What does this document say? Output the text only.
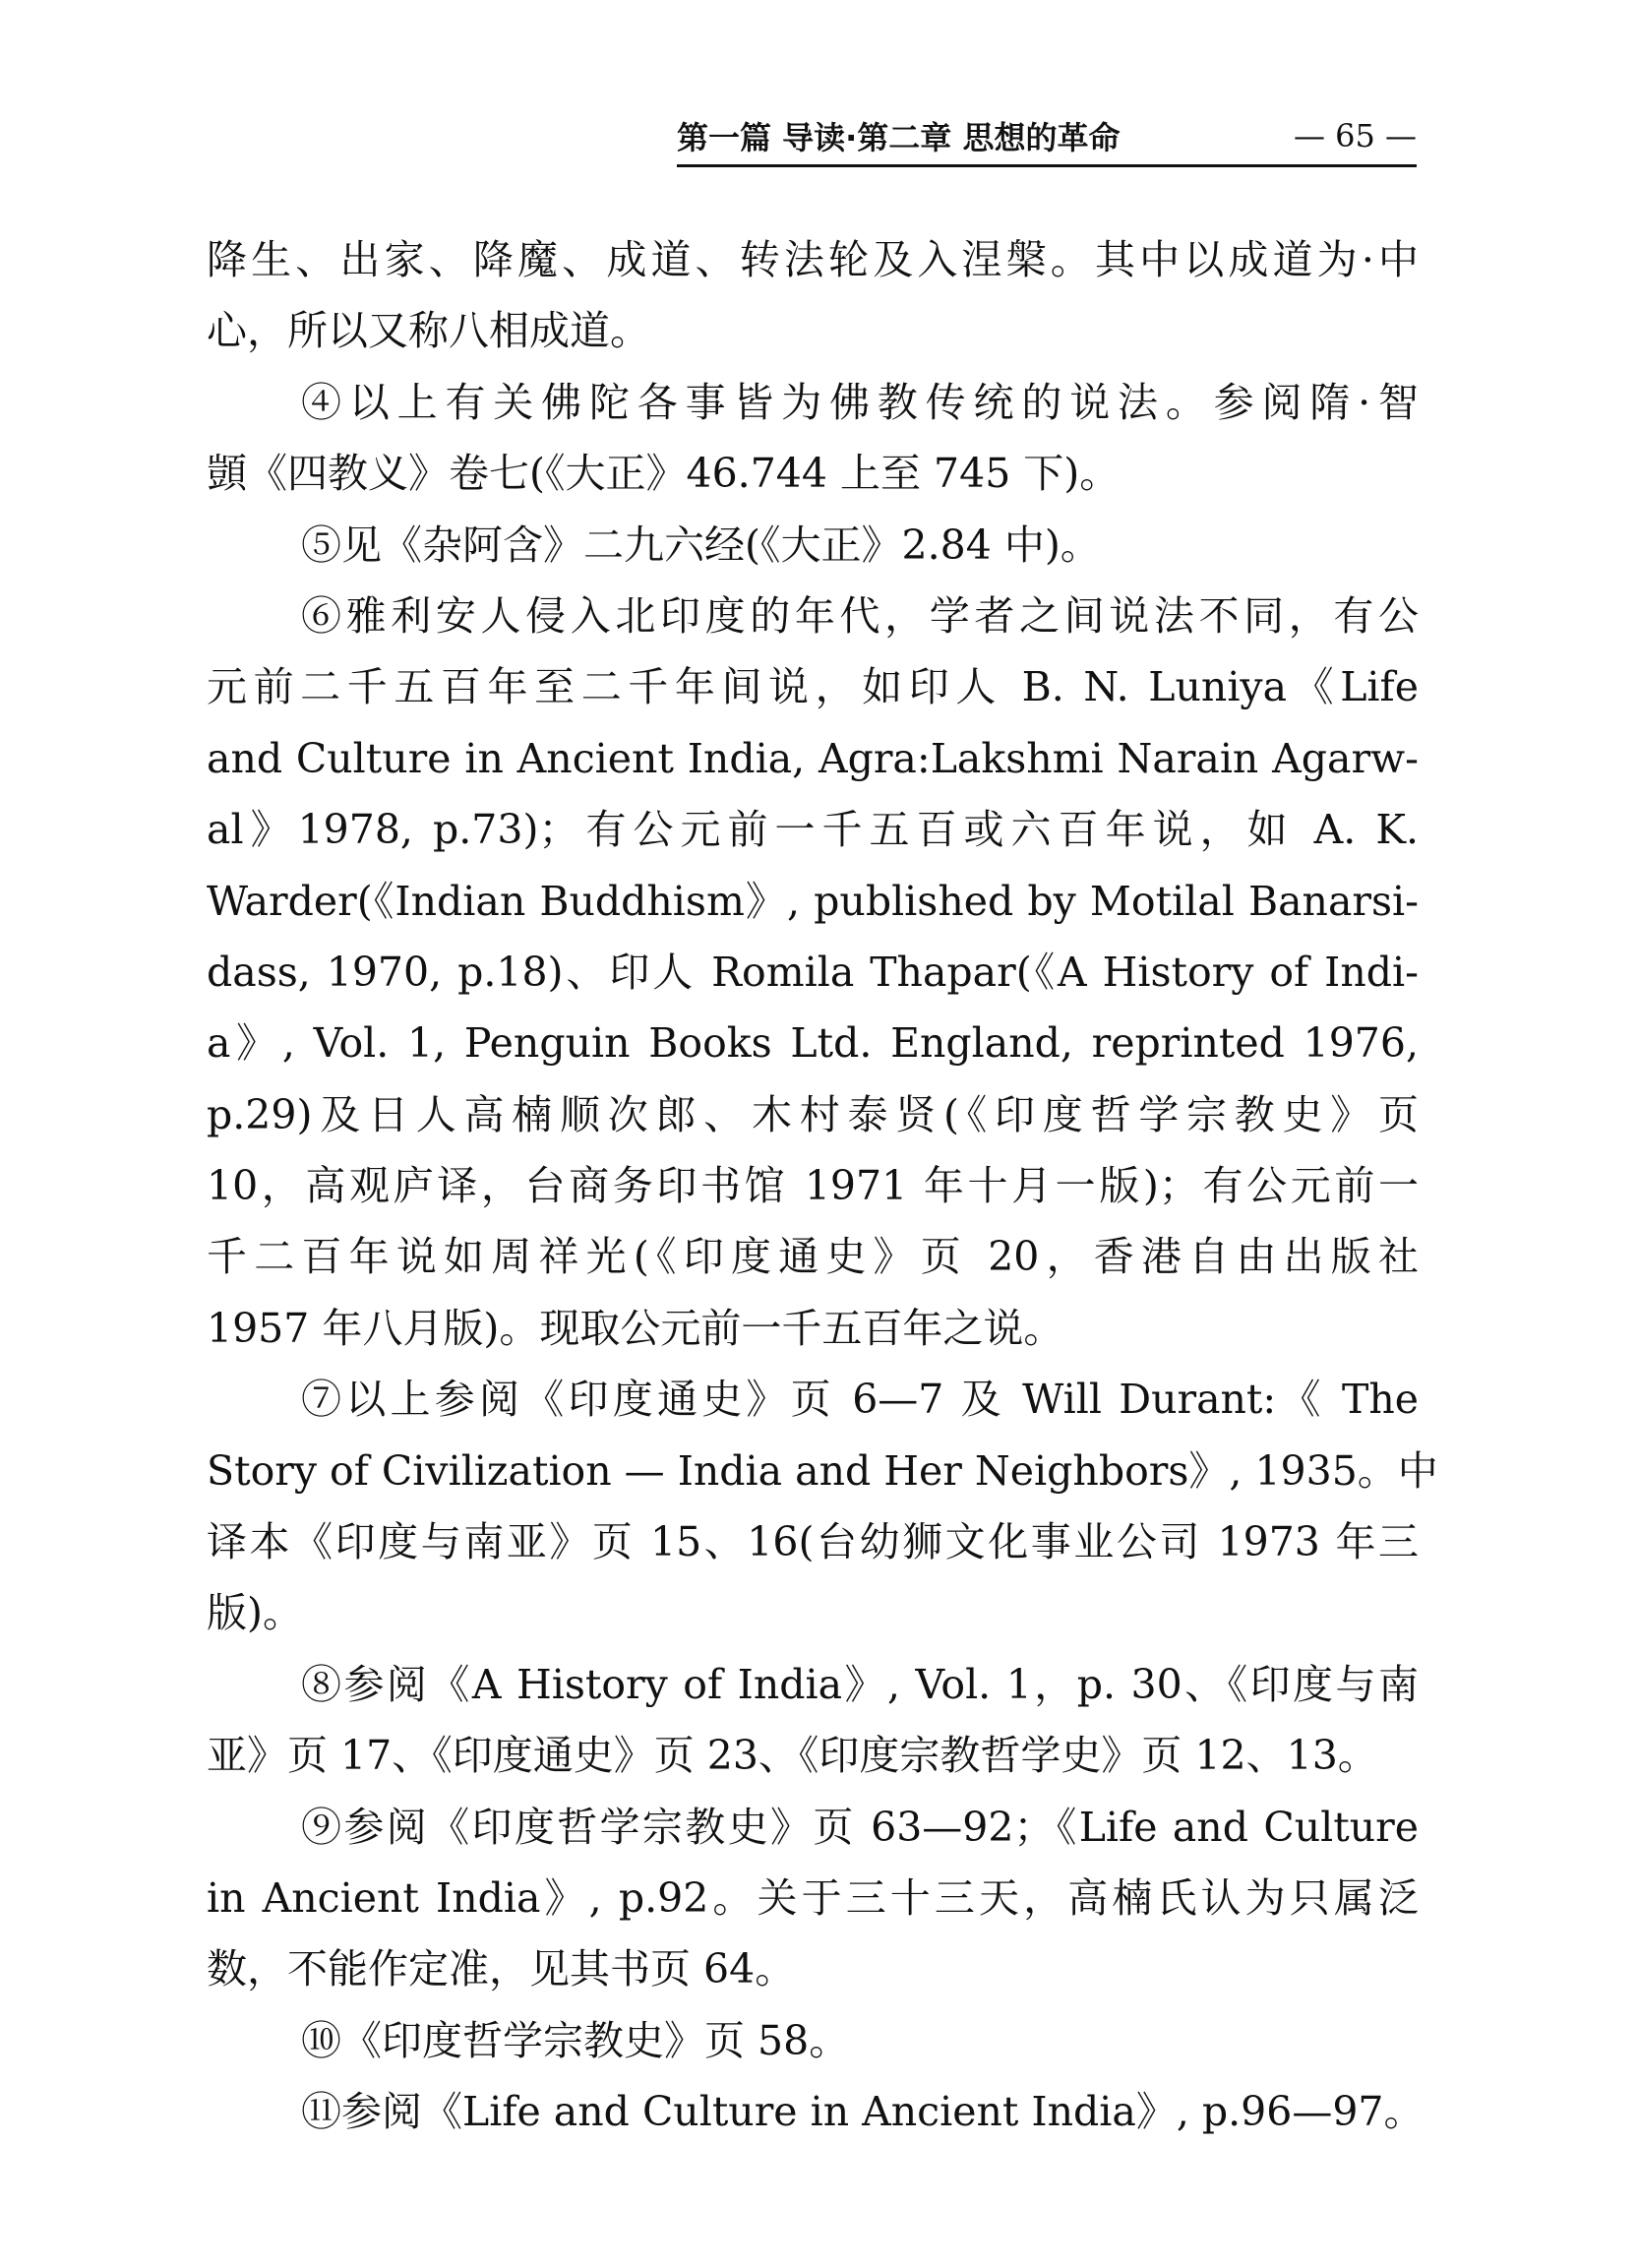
第一篇 导读·第二章 思想的革命	— 65 —
降生、出家、降魔、成道、转法轮及入涅槃。其中以成道为·中
心，所以又称八相成道。
④以上有关佛陀各事皆为佛教传统的说法。参阅隋·智
顗《四教义》卷七(《大正》46.744 上至 745 下)。
⑤见《杂阿含》二九六经(《大正》2.84 中)。
⑥雅利安人侵入北印度的年代，学者之间说法不同，有公
元前二千五百年至二千年间说，如印人 B. N. Luniya《Life
and Culture in Ancient India, Agra:Lakshmi Narain Agarw-
al》1978, p.73)；有公元前一千五百或六百年说，如 A. K.
Warder(《Indian Buddhism》, published by Motilal Banarsi-
dass, 1970, p.18)、印人 Romila Thapar(《A History of Indi-
a》, Vol. 1, Penguin Books Ltd. England, reprinted 1976,
p.29)及日人高楠顺次郎、木村泰贤(《印度哲学宗教史》页
10，高观庐译，台商务印书馆 1971 年十月一版)；有公元前一
千二百年说如周祥光(《印度通史》页 20，香港自由出版社
1957 年八月版)。现取公元前一千五百年之说。
⑦以上参阅《印度通史》页 6—7 及 Will Durant:《 The
Story of Civilization — India and Her Neighbors》, 1935。中
译本《印度与南亚》页 15、16(台幼狮文化事业公司 1973 年三
版)。
⑧参阅《A History of India》, Vol. 1，p. 30、《印度与南
亚》页 17、《印度通史》页 23、《印度宗教哲学史》页 12、13。
⑨参阅《印度哲学宗教史》页 63—92；《Life and Culture
in Ancient India》, p.92。关于三十三天，高楠氏认为只属泛
数，不能作定准，见其书页 64。
⑩《印度哲学宗教史》页 58。
⑪参阅《Life and Culture in Ancient India》, p.96—97。
